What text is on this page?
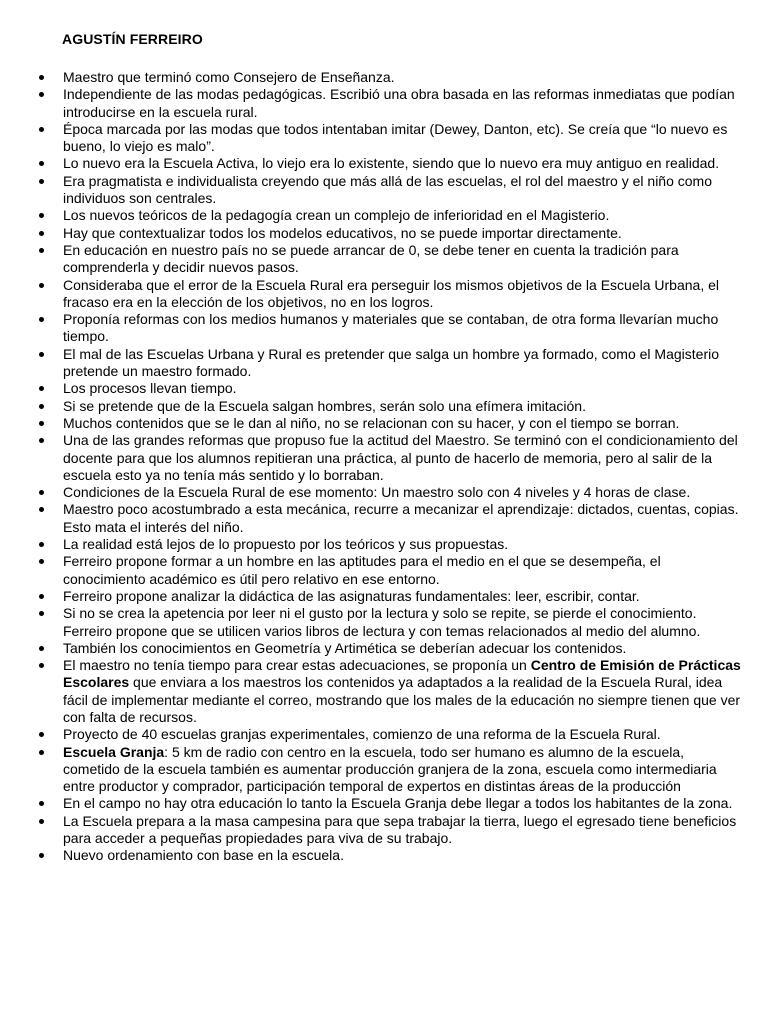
AGUSTÍN FERREIRO
Maestro que terminó como Consejero de Enseñanza.
Independiente de las modas pedagógicas. Escribió una obra basada en las reformas inmediatas que podían introducirse en la escuela rural.
Época marcada por las modas que todos intentaban imitar (Dewey, Danton, etc). Se creía que “lo nuevo es bueno, lo viejo es malo”.
Lo nuevo era la Escuela Activa, lo viejo era lo existente, siendo que lo nuevo era muy antiguo en realidad.
Era pragmatista e individualista creyendo que más allá de las escuelas, el rol del maestro y el niño como individuos son centrales.
Los nuevos teóricos de la pedagogía crean un complejo de inferioridad en el Magisterio.
Hay que contextualizar todos los modelos educativos, no se puede importar directamente.
En educación en nuestro país no se puede arrancar de 0, se debe tener en cuenta la tradición para comprenderla y decidir nuevos pasos.
Consideraba que el error de la Escuela Rural era perseguir los mismos objetivos de la Escuela Urbana, el fracaso era en la elección de los objetivos, no en los logros.
Proponía reformas con los medios humanos y materiales que se contaban, de otra forma llevarían mucho tiempo.
El mal de las Escuelas Urbana y Rural es pretender que salga un hombre ya formado, como el Magisterio pretende un maestro formado.
Los procesos llevan tiempo.
Si se pretende que de la Escuela salgan hombres, serán solo una efímera imitación.
Muchos contenidos que se le dan al niño, no se relacionan con su hacer, y con el tiempo se borran.
Una de las grandes reformas que propuso fue la actitud del Maestro. Se terminó con el condicionamiento del docente para que los alumnos repitieran una práctica, al punto de hacerlo de memoria, pero al salir de la escuela esto ya no tenía más sentido y lo borraban.
Condiciones de la Escuela Rural de ese momento: Un maestro solo con 4 niveles y 4 horas de clase.
Maestro poco acostumbrado a esta mecánica, recurre a mecanizar el aprendizaje: dictados, cuentas, copias. Esto mata el interés del niño.
La realidad está lejos de lo propuesto por los teóricos y sus propuestas.
Ferreiro propone formar a un hombre en las aptitudes para el medio en el que se desempeña, el conocimiento académico es útil pero relativo en ese entorno.
Ferreiro propone analizar la didáctica de las asignaturas fundamentales: leer, escribir, contar.
Si no se crea la apetencia por leer ni el gusto por la lectura y solo se repite, se pierde el conocimiento. Ferreiro propone que se utilicen varios libros de lectura y con temas relacionados al medio del alumno.
También los conocimientos en Geometría y Artimética se deberían adecuar los contenidos.
El maestro no tenía tiempo para crear estas adecuaciones, se proponía un Centro de Emisión de Prácticas Escolares que enviara a los maestros los contenidos ya adaptados a la realidad de la Escuela Rural, idea fácil de implementar mediante el correo, mostrando que los males de la educación no siempre tienen que ver con falta de recursos.
Proyecto de 40 escuelas granjas experimentales, comienzo de una reforma de la Escuela Rural.
Escuela Granja: 5 km de radio con centro en la escuela, todo ser humano es alumno de la escuela, cometido de la escuela también es aumentar producción granjera de la zona, escuela como intermediaria entre productor y comprador, participación temporal de expertos en distintas áreas de la producción
En el campo no hay otra educación lo tanto la Escuela Granja debe llegar a todos los habitantes de la zona.
La Escuela prepara a la masa campesina para que sepa trabajar la tierra, luego el egresado tiene beneficios para acceder a pequeñas propiedades para viva de su trabajo.
Nuevo ordenamiento con base en la escuela.
